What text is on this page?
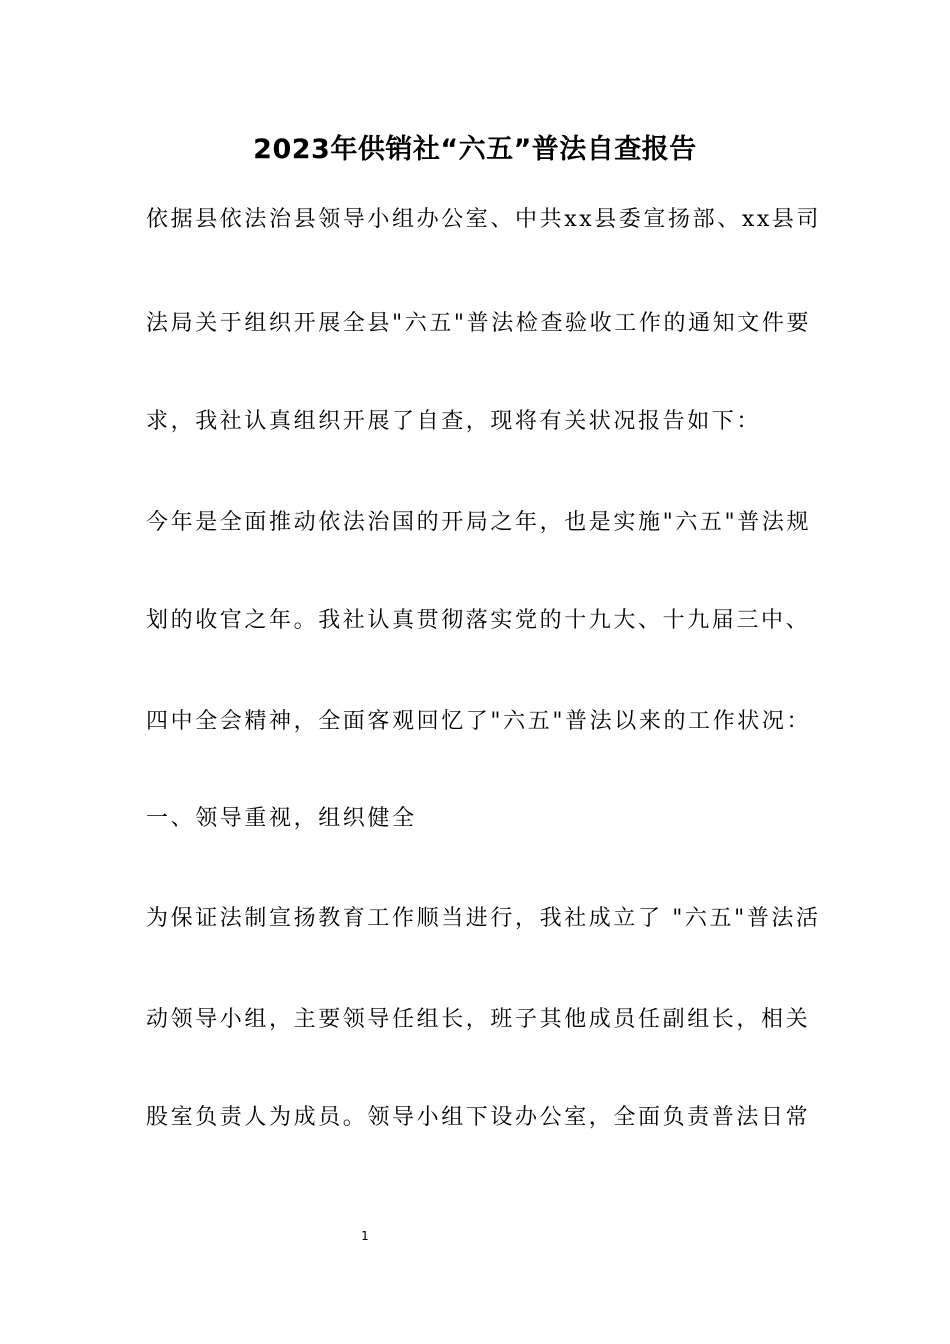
2023年供销社“六五”普法自查报告
依据县依法治县领导小组办公室、中共xx县委宣扬部、xx县司
法局关于组织开展全县"六五"普法检查验收工作的通知文件要
求，我社认真组织开展了自查，现将有关状况报告如下：
今年是全面推动依法治国的开局之年，也是实施"六五"普法规
划的收官之年。我社认真贯彻落实党的十九大、十九届三中、
四中全会精神，全面客观回忆了"六五"普法以来的工作状况：
一、领导重视，组织健全
为保证法制宣扬教育工作顺当进行，我社成立了 "六五"普法活
动领导小组，主要领导任组长，班子其他成员任副组长，相关
股室负责人为成员。领导小组下设办公室，全面负责普法日常
1
